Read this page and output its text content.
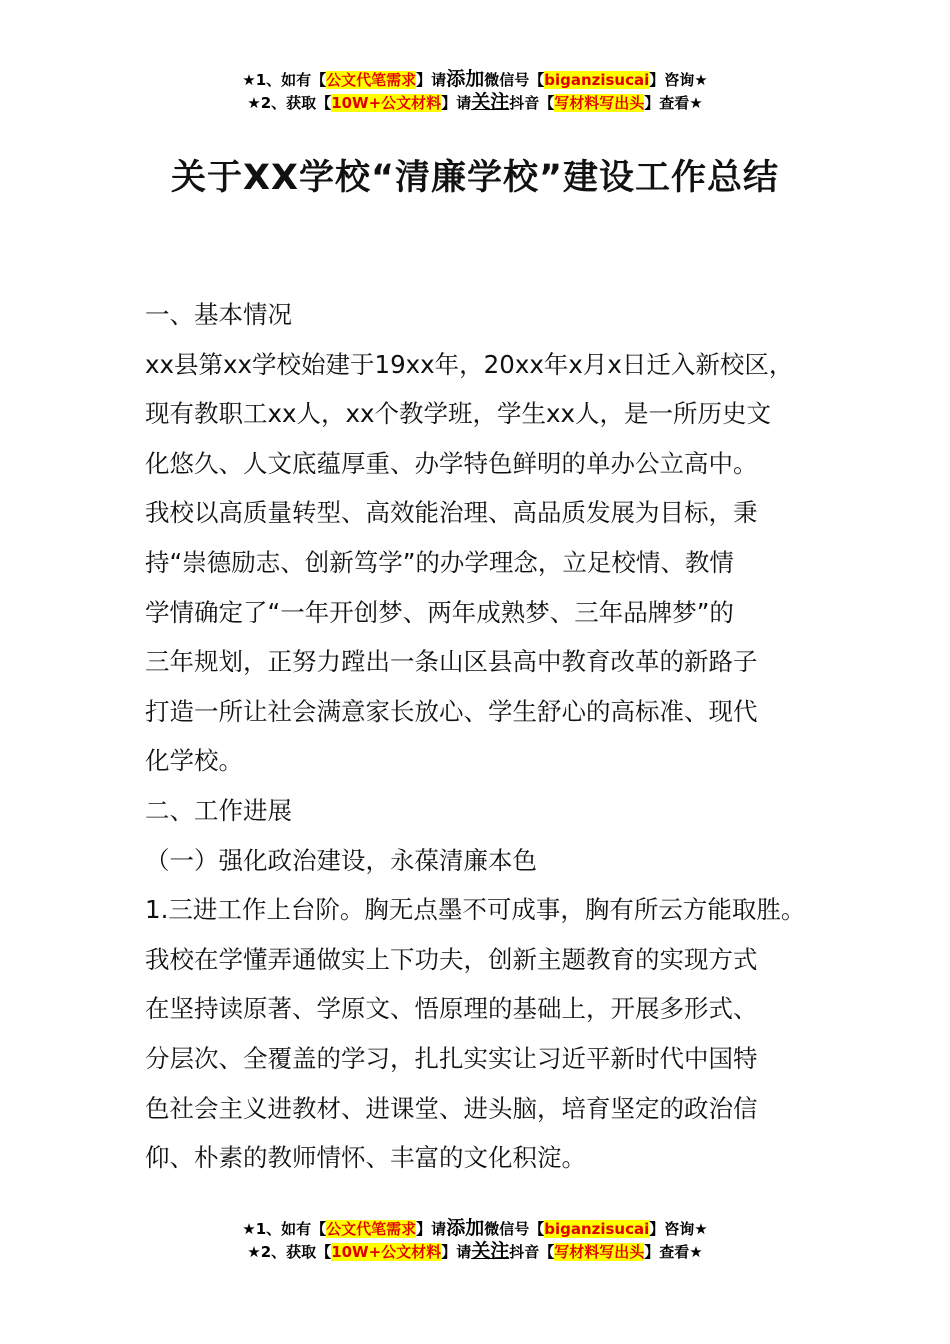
★1、如有【公文代笔需求】请添加微信号【biganzisucai】咨询★
★2、获取【10W+公文材料】请关注抖音【写材料写出头】查看★
关于XX学校“清廉学校”建设工作总结
一、基本情况
xx县第xx学校始建于19xx年，20xx年x月x日迁入新校区，
现有教职工xx人，xx个教学班，学生xx人，是一所历史文
化悠久、人文底蕴厚重、办学特色鲜明的单办公立高中。
我校以高质量转型、高效能治理、高品质发展为目标，秉
持“崇德励志、创新笃学”的办学理念，立足校情、教情
学情确定了“一年开创梦、两年成熟梦、三年品牌梦”的
三年规划，正努力蹚出一条山区县高中教育改革的新路子
打造一所让社会满意家长放心、学生舒心的高标准、现代
化学校。
二、工作进展
（一）强化政治建设，永葆清廉本色
1.三进工作上台阶。胸无点墨不可成事，胸有所云方能取胜。
我校在学懂弄通做实上下功夫，创新主题教育的实现方式
在坚持读原著、学原文、悟原理的基础上，开展多形式、
分层次、全覆盖的学习，扎扎实实让习近平新时代中国特
色社会主义进教材、进课堂、进头脑，培育坚定的政治信
仰、朴素的教师情怀、丰富的文化积淀。
★1、如有【公文代笔需求】请添加微信号【biganzisucai】咨询★
★2、获取【10W+公文材料】请关注抖音【写材料写出头】查看★
